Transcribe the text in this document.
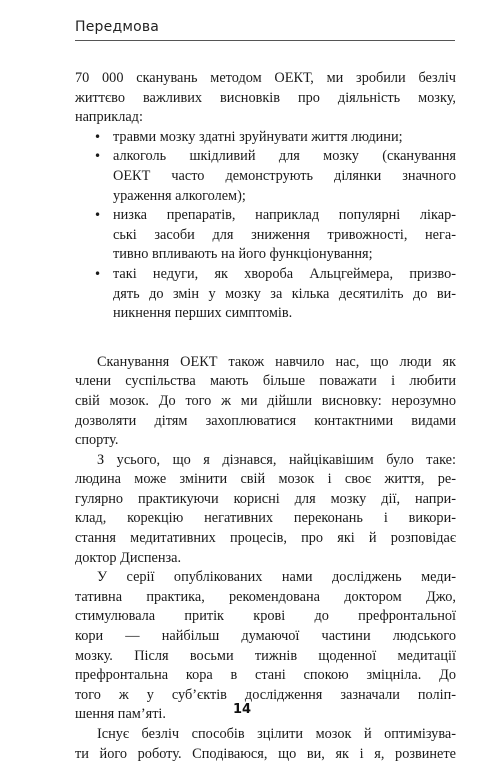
Передмова

70 000 сканувань методом ОЕКТ, ми зробили безліч
життєво важливих висновків про діяльність мозку,
наприклад:

• травми мозку здатні зруйнувати життя людини;
• алкоголь шкідливий для мозку (сканування
ОЕКТ часто демонструють ділянки значного
ураження алкоголем);
• низка препаратів, наприклад популярні лікар-
ські засоби для зниження тривожності, нега-
тивно впливають на його функціонування;
• такі недуги, як хвороба Альцгеймера, призво-
дять до змін у мозку за кілька десятиліть до ви-
никнення перших симптомів.

Сканування ОЕКТ також навчило нас, що люди як
члени суспільства мають більше поважати і любити
свій мозок. До того ж ми дійшли висновку: нерозумно
дозволяти дітям захоплюватися контактними видами
спорту.

З усього, що я дізнався, найцікавішим було таке:
людина може змінити свій мозок і своє життя, ре-
гулярно практикуючи корисні для мозку дії, напри-
клад, корекцію негативних переконань і викори-
стання медитативних процесів, про які й розповідає
доктор Диспенза.

У серії опублікованих нами досліджень меди-
тативна практика, рекомендована доктором Джо,
стимулювала притік крові до префронтальної
кори — найбільш думаючої частини людського
мозку. Після восьми тижнів щоденної медитації
префронтальна кора в стані спокою зміцніла. До
того ж у суб’єктів дослідження зазначали поліп-
шення пам’яті.

Існує безліч способів зцілити мозок й оптимізува-
ти його роботу. Сподіваюся, що ви, як і я, розвинете

14
